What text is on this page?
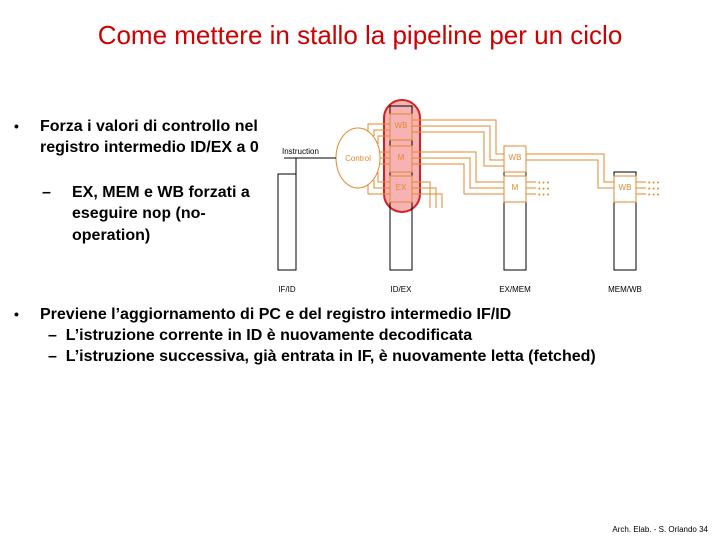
Come mettere in stallo la pipeline per un ciclo
• Forza i valori di controllo nel registro intermedio ID/EX a 0
– EX, MEM e WB forzati a eseguire nop (no-operation)
• Previene l’aggiornamento di PC e del registro intermedio IF/ID
– L’istruzione corrente in ID è nuovamente decodificata
– L’istruzione successiva, già entrata in IF, è nuovamente letta (fetched)
WB
M
EX
WB
M	WB
Control
Instruction
• • •
• • •
• • •
• • •
• • •
• • •
IF/ID	ID/EX	EX/MEM	MEM/WB
Arch. Elab. - S. Orlando 34
